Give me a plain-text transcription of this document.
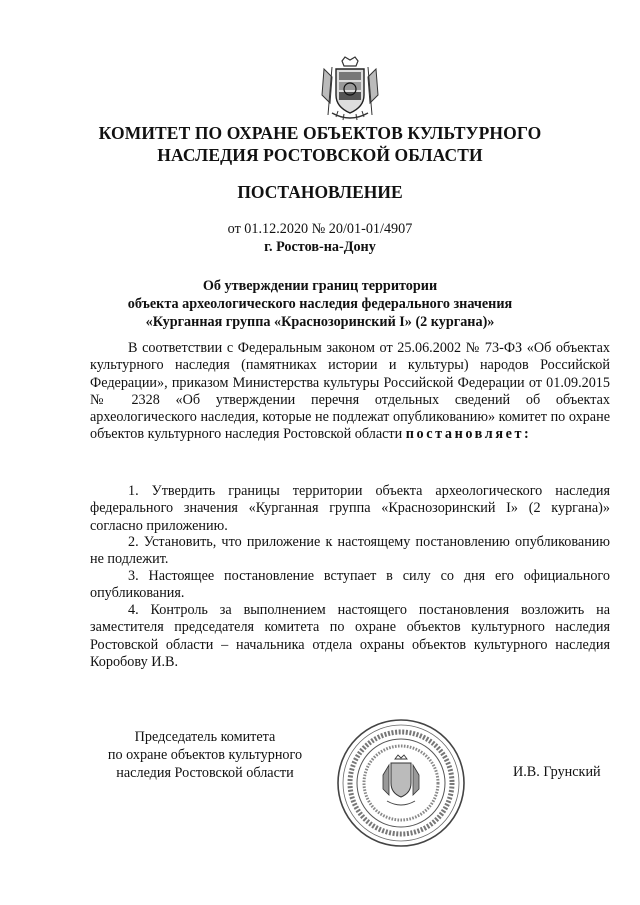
КОМИТЕТ ПО ОХРАНЕ ОБЪЕКТОВ КУЛЬТУРНОГО
НАСЛЕДИЯ РОСТОВСКОЙ ОБЛАСТИ
ПОСТАНОВЛЕНИЕ
от 01.12.2020 № 20/01-01/4907
г. Ростов-на-Дону
Об утверждении границ территории
объекта археологического наследия федерального значения
«Курганная группа «Краснозоринский I» (2 кургана)»

В соответствии с Федеральным законом от 25.06.2002 № 73-ФЗ «Об объектах культурного наследия (памятниках истории и культуры) народов Российской Федерации», приказом Министерства культуры Российской Федерации от 01.09.2015 № 2328 «Об утверждении перечня отдельных сведений об объектах археологического наследия, которые не подлежат опубликованию» комитет по охране объектов культурного наследия Ростовской области постановляет:

1. Утвердить границы территории объекта археологического наследия федерального значения «Курганная группа «Краснозоринский I» (2 кургана)» согласно приложению.

2. Установить, что приложение к настоящему постановлению опубликованию не подлежит.

3. Настоящее постановление вступает в силу со дня его официального опубликования.

4. Контроль за выполнением настоящего постановления возложить на заместителя председателя комитета по охране объектов культурного наследия Ростовской области – начальника отдела охраны объектов культурного наследия Коробову И.В.

Председатель комитета
по охране объектов культурного
наследия Ростовской области	И.В. Грунский
